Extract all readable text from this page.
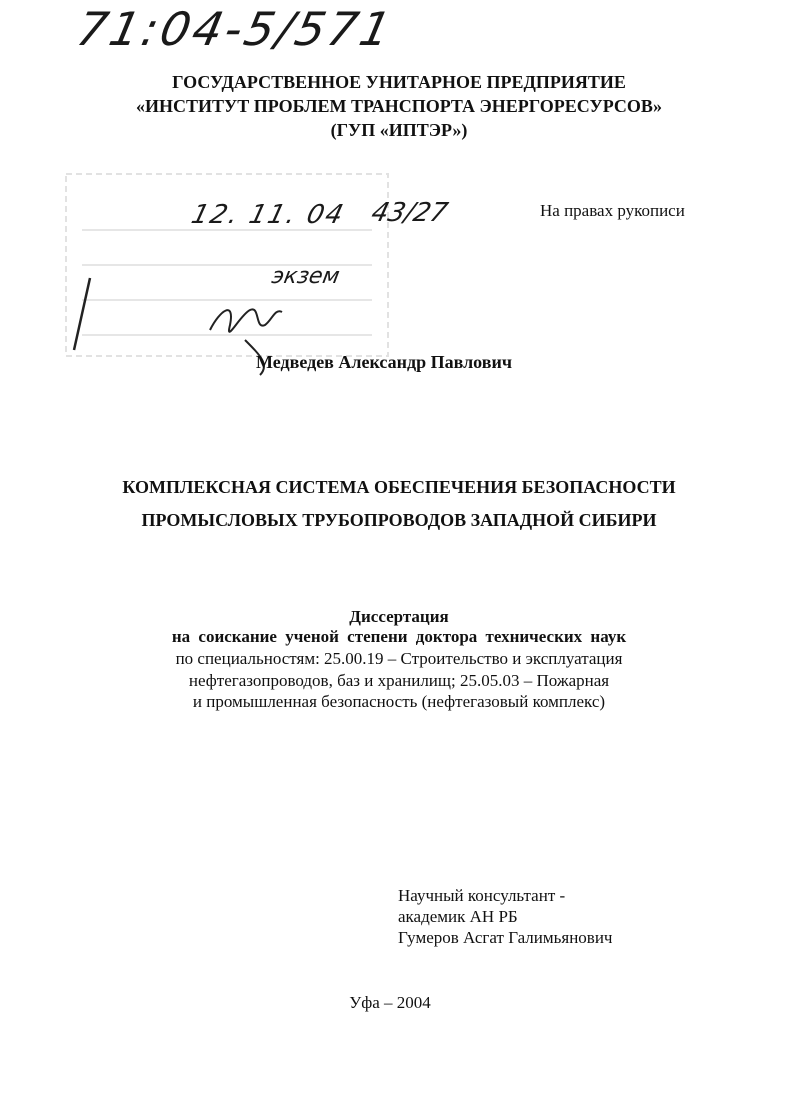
71:04-5/571
ГОСУДАРСТВЕННОЕ УНИТАРНОЕ ПРЕДПРИЯТИЕ
«ИНСТИТУТ ПРОБЛЕМ ТРАНСПОРТА ЭНЕРГОРЕСУРСОВ»
(ГУП «ИПТЭР»)
На правах рукописи
12. 11. 04 43/27
экзем
Медведев Александр Павлович
КОМПЛЕКСНАЯ СИСТЕМА ОБЕСПЕЧЕНИЯ БЕЗОПАСНОСТИ
ПРОМЫСЛОВЫХ ТРУБОПРОВОДОВ ЗАПАДНОЙ СИБИРИ
Диссертация
на соискание ученой степени доктора технических наук
по специальностям: 25.00.19 – Строительство и эксплуатация
нефтегазопроводов, баз и хранилищ; 25.05.03 – Пожарная
и промышленная безопасность (нефтегазовый комплекс)
Научный консультант -
академик АН РБ
Гумеров Асгат Галимьянович
Уфа – 2004
